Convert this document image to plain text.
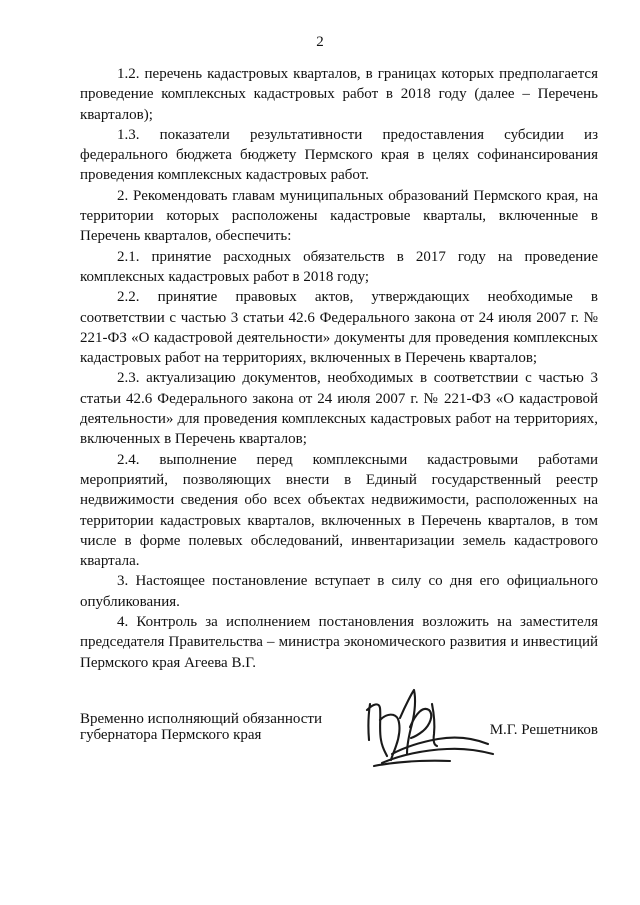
2

1.2. перечень кадастровых кварталов, в границах которых предполагается проведение комплексных кадастровых работ в 2018 году (далее – Перечень кварталов);

1.3. показатели результативности предоставления субсидии из федерального бюджета бюджету Пермского края в целях софинансирования проведения комплексных кадастровых работ.

2. Рекомендовать главам муниципальных образований Пермского края, на территории которых расположены кадастровые кварталы, включенные в Перечень кварталов, обеспечить:

2.1. принятие расходных обязательств в 2017 году на проведение комплексных кадастровых работ в 2018 году;

2.2. принятие правовых актов, утверждающих необходимые в соответствии с частью 3 статьи 42.6 Федерального закона от 24 июля 2007 г. № 221-ФЗ «О кадастровой деятельности» документы для проведения комплексных кадастровых работ на территориях, включенных в Перечень кварталов;

2.3. актуализацию документов, необходимых в соответствии с частью 3 статьи 42.6 Федерального закона от 24 июля 2007 г. № 221-ФЗ «О кадастровой деятельности» для проведения комплексных кадастровых работ на территориях, включенных в Перечень кварталов;

2.4. выполнение перед комплексными кадастровыми работами мероприятий, позволяющих внести в Единый государственный реестр недвижимости сведения обо всех объектах недвижимости, расположенных на территории кадастровых кварталов, включенных в Перечень кварталов, в том числе в форме полевых обследований, инвентаризации земель кадастрового квартала.

3. Настоящее постановление вступает в силу со дня его официального опубликования.

4. Контроль за исполнением постановления возложить на заместителя председателя Правительства – министра экономического развития и инвестиций Пермского края Агеева В.Г.

Временно исполняющий обязанности
губернатора Пермского края	М.Г. Решетников
